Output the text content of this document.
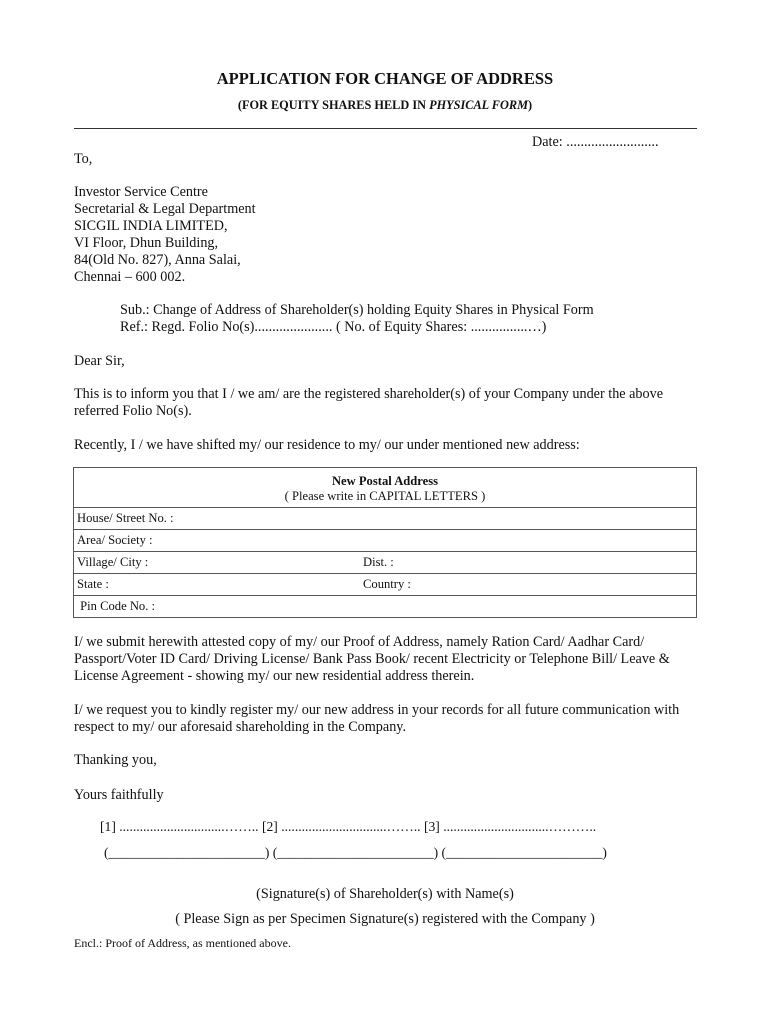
APPLICATION FOR CHANGE OF ADDRESS
(FOR EQUITY SHARES HELD IN PHYSICAL FORM)
Date: ..........................
To,
Investor Service Centre
Secretarial & Legal Department
SICGIL INDIA LIMITED,
VI Floor, Dhun Building,
84(Old No. 827), Anna Salai,
Chennai – 600 002.
Sub.: Change of Address of Shareholder(s) holding Equity Shares in Physical Form
Ref.: Regd. Folio No(s)...................... ( No. of Equity Shares: ................…)
Dear Sir,
This is to inform you that I / we am/ are the registered shareholder(s) of your Company under the above referred Folio No(s).
Recently, I / we have shifted my/ our residence to my/ our under mentioned new address:
New Postal Address
( Please write in CAPITAL LETTERS )	
House/ Street No. :	
Area/ Society :	
Village/ City :	Dist. :
State :	Country :
Pin Code No. :	
I/ we submit herewith attested copy of my/ our Proof of Address, namely Ration Card/ Aadhar Card/ Passport/Voter ID Card/ Driving License/ Bank Pass Book/ recent Electricity or Telephone Bill/ Leave & License Agreement - showing my/ our new residential address therein.
I/ we request you to kindly register my/ our new address in your records for all future communication with respect to my/ our aforesaid shareholding in the Company.
Thanking you,
Yours faithfully
[1] ...............................…….. [2] ...............................…….. [3] ...............................………..
(_______________________) (_______________________) (_______________________)
(Signature(s) of Shareholder(s) with Name(s)
( Please Sign as per Specimen Signature(s) registered with the Company )
Encl.: Proof of Address, as mentioned above.
